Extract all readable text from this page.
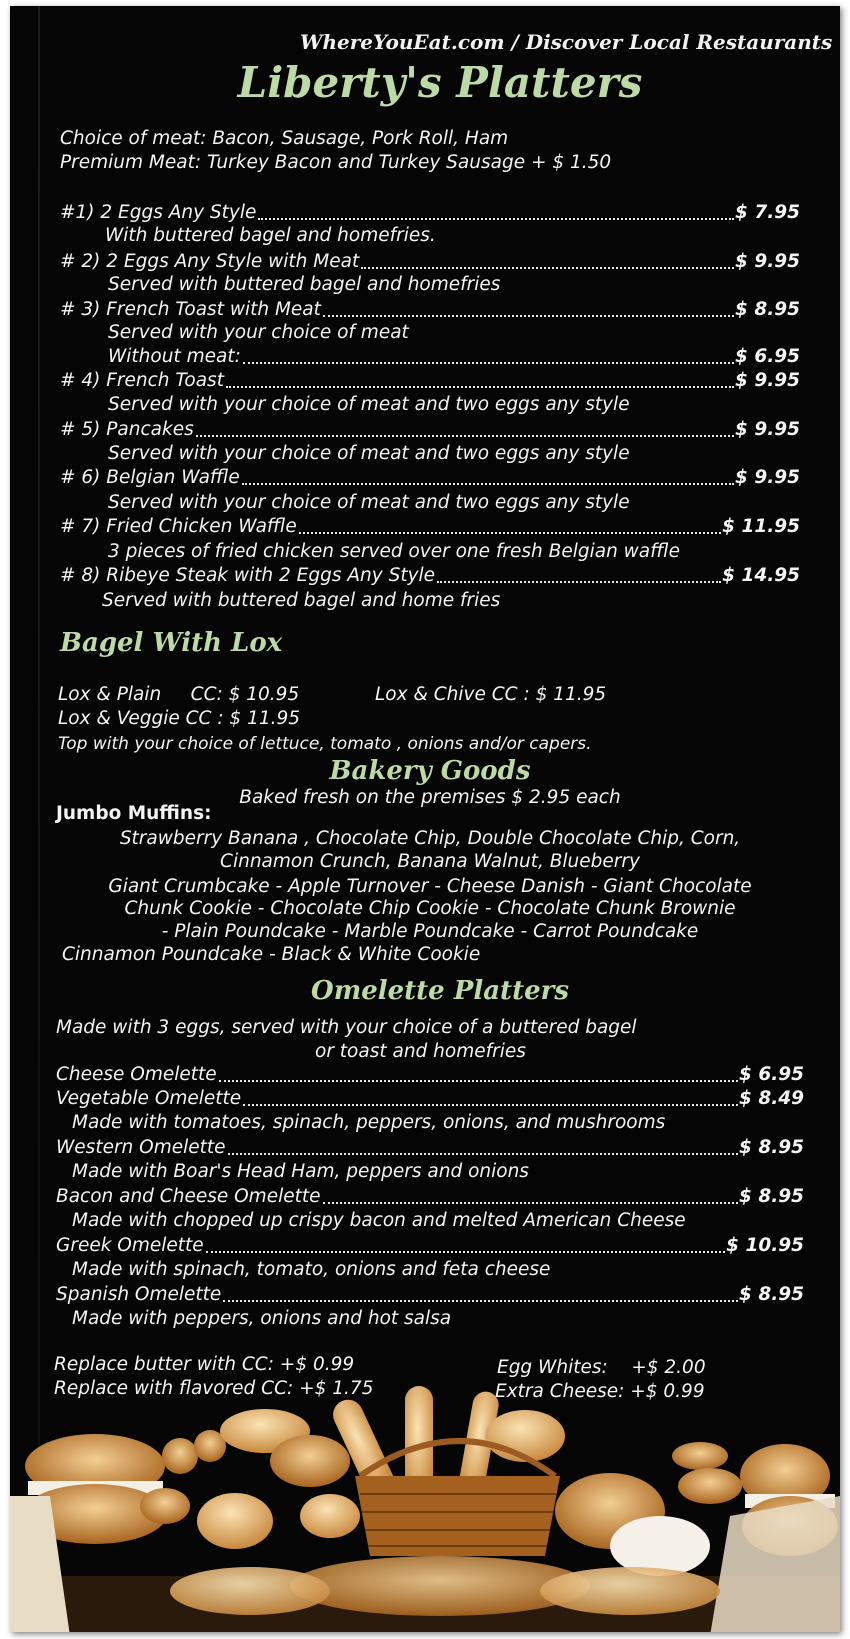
WhereYouEat.com / Discover Local Restaurants
Liberty's Platters
Choice of meat: Bacon, Sausage, Pork Roll, Ham
Premium Meat: Turkey Bacon and Turkey Sausage + $ 1.50
#1) 2 Eggs Any Style	$ 7.95
With buttered bagel and homefries.
# 2) 2 Eggs Any Style with Meat	$ 9.95
Served with buttered bagel and homefries
# 3) French Toast with Meat	$ 8.95
Served with your choice of meat
Without meat:	$ 6.95
# 4) French Toast	$ 9.95
Served with your choice of meat and two eggs any style
# 5) Pancakes	$ 9.95
Served with your choice of meat and two eggs any style
# 6) Belgian Waffle	$ 9.95
Served with your choice of meat and two eggs any style
# 7) Fried Chicken Waffle	$ 11.95
3 pieces of fried chicken served over one fresh Belgian waffle
# 8) Ribeye Steak with 2 Eggs Any Style	$ 14.95
Served with buttered bagel and home fries
Bagel With Lox
Lox & Plain     CC: $ 10.95	Lox & Chive CC : $ 11.95
Lox & Veggie CC : $ 11.95
Top with your choice of lettuce, tomato , onions and/or capers.
Bakery Goods
Baked fresh on the premises $ 2.95 each
Jumbo Muffins:
Strawberry Banana , Chocolate Chip, Double Chocolate Chip, Corn,
Cinnamon Crunch, Banana Walnut, Blueberry
Giant Crumbcake - Apple Turnover - Cheese Danish - Giant Chocolate
Chunk Cookie - Chocolate Chip Cookie - Chocolate Chunk Brownie
- Plain Poundcake - Marble Poundcake - Carrot Poundcake
Cinnamon Poundcake - Black & White Cookie
Omelette Platters
Made with 3 eggs, served with your choice of a buttered bagel
or toast and homefries
Cheese Omelette	$ 6.95
Vegetable Omelette	$ 8.49
Made with tomatoes, spinach, peppers, onions, and mushrooms
Western Omelette	$ 8.95
Made with Boar's Head Ham, peppers and onions
Bacon and Cheese Omelette	$ 8.95
Made with chopped up crispy bacon and melted American Cheese
Greek Omelette	$ 10.95
Made with spinach, tomato, onions and feta cheese
Spanish Omelette	$ 8.95
Made with peppers, onions and hot salsa
Replace butter with CC: +$ 0.99
Replace with flavored CC: +$ 1.75
Egg Whites:    +$ 2.00
Extra Cheese: +$ 0.99
